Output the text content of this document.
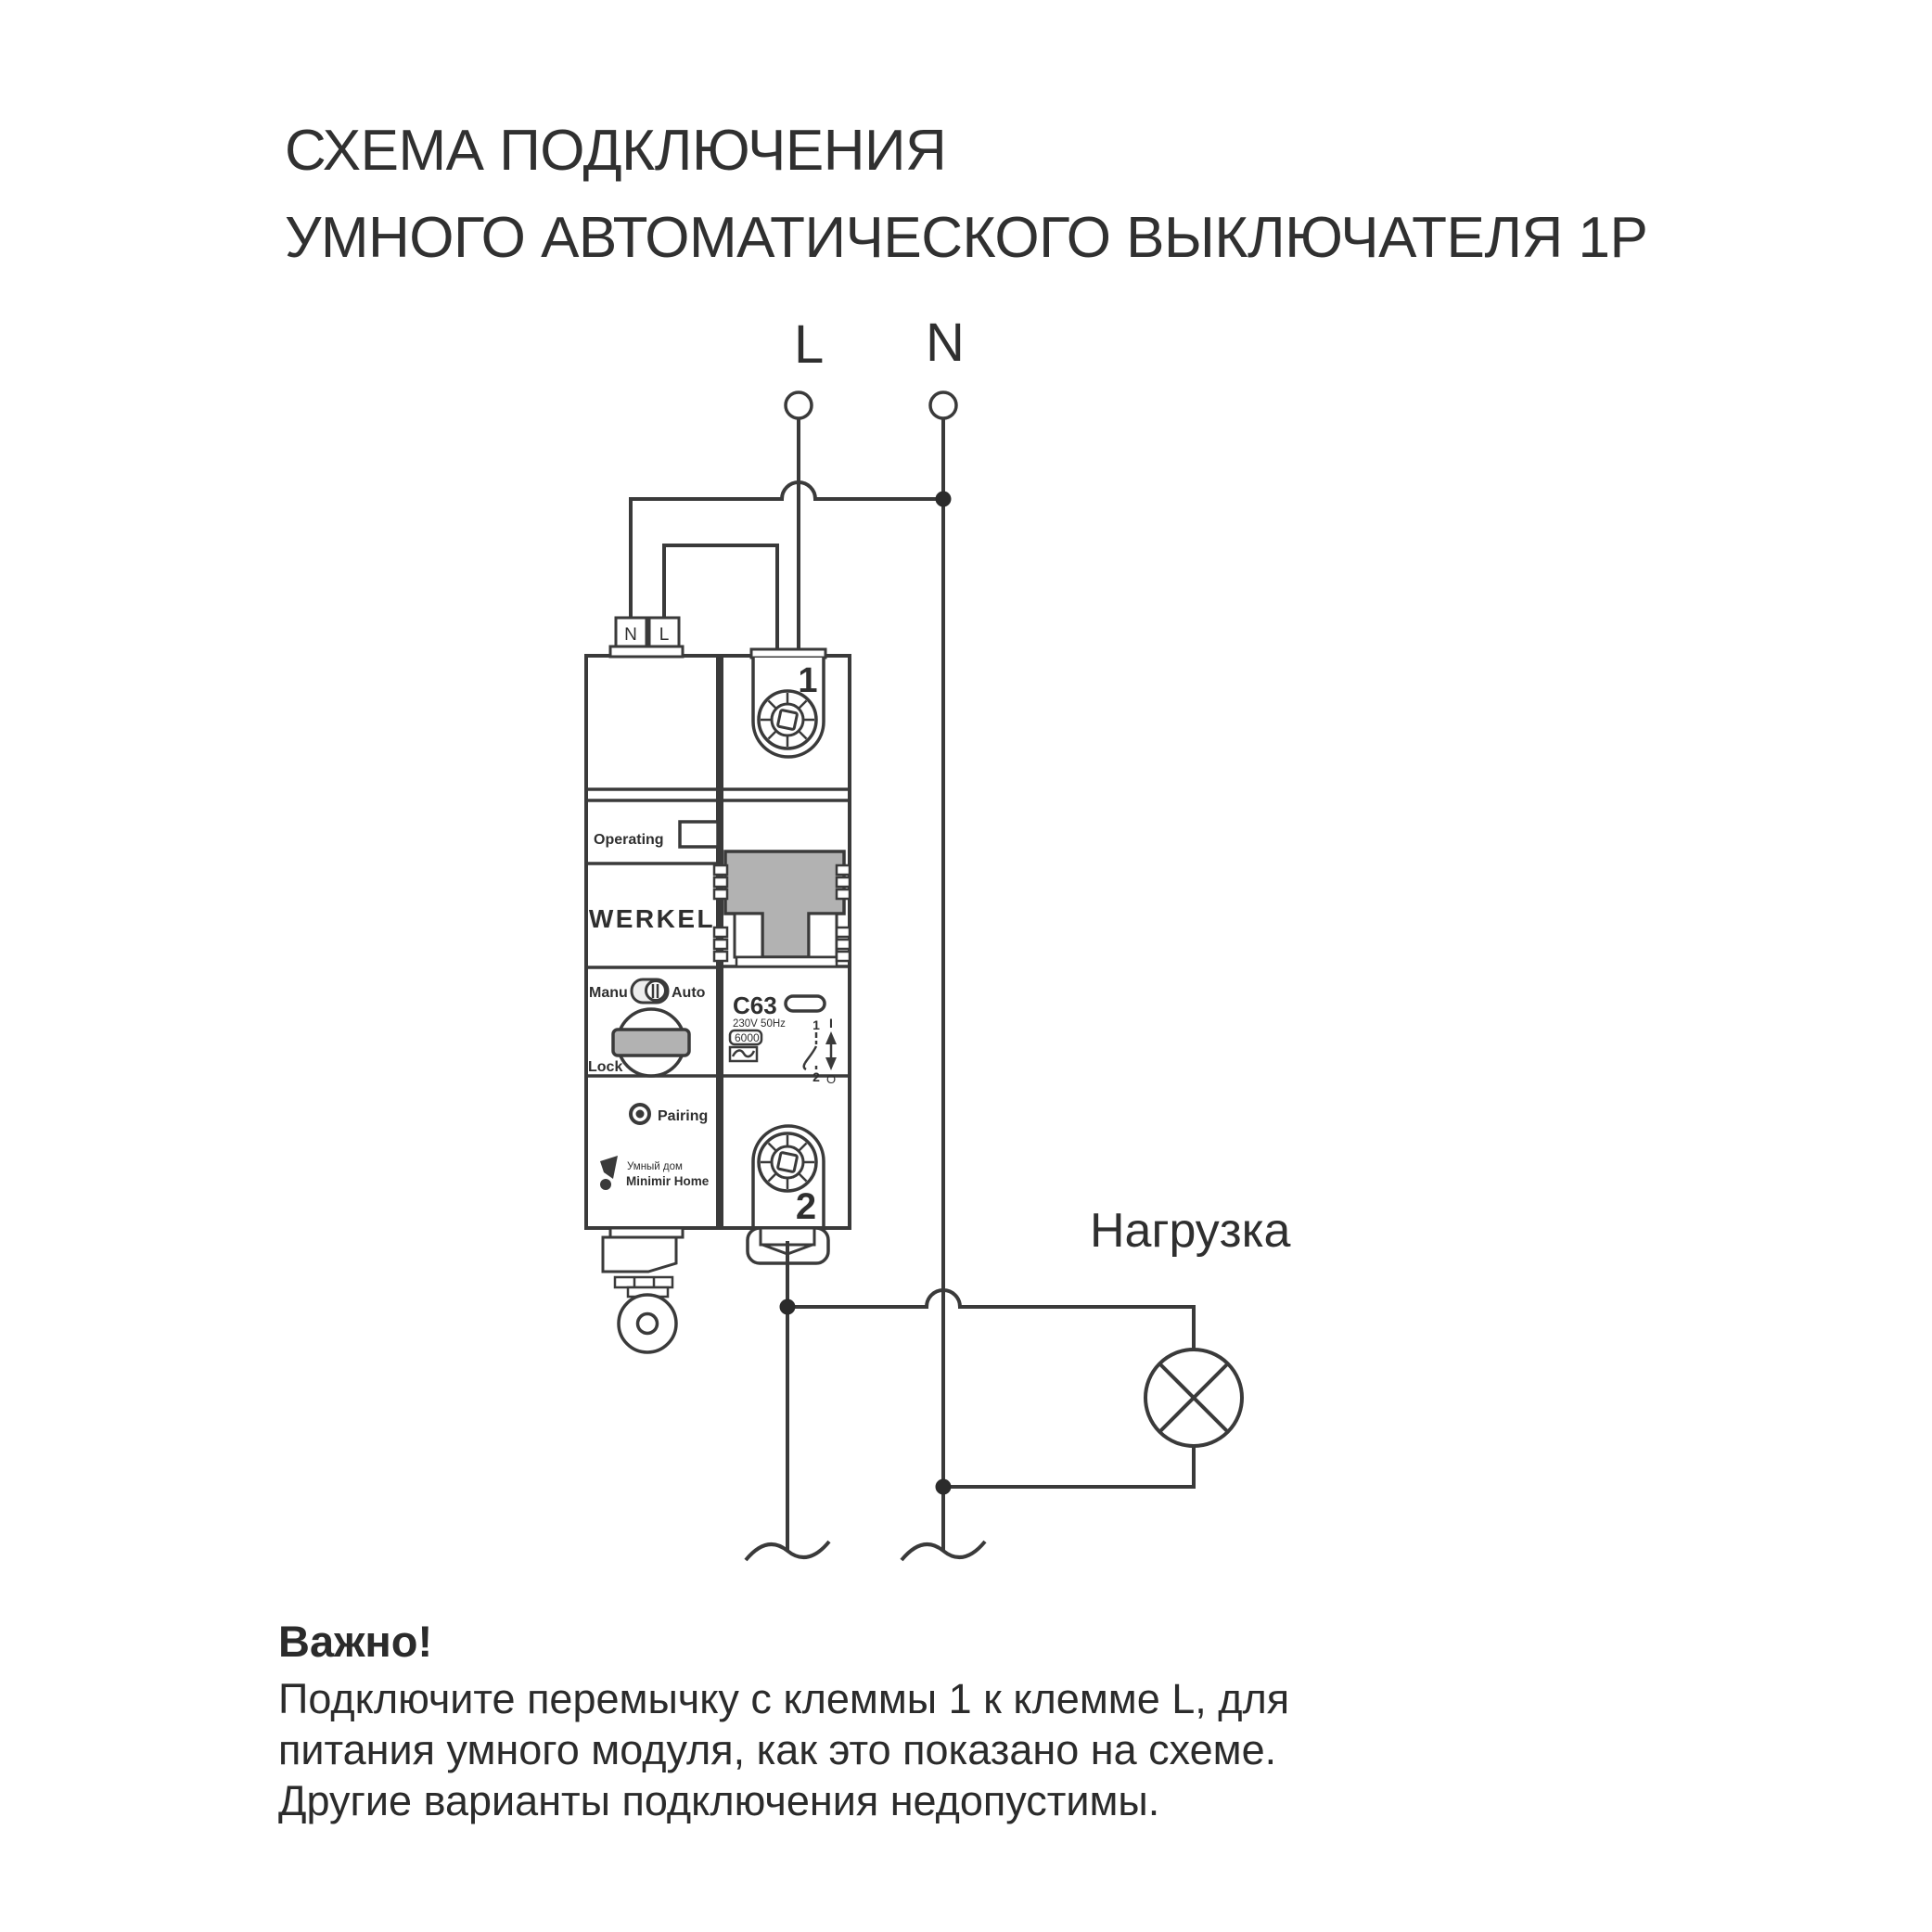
СХЕМА ПОДКЛЮЧЕНИЯ
УМНОГО АВТОМАТИЧЕСКОГО ВЫКЛЮЧАТЕЛЯ 1P
L N
N L
1
C63
230V 50Hz
6000
1
2
I
O
2
Operating
WERKEL
Manu	Auto
Lock
Pairing
Умный дом
Minimir Home
Нагрузка
Важно!
Подключите перемычку с клеммы 1 к клемме L, для
питания умного модуля, как это показано на схеме.
Другие варианты подключения недопустимы.
